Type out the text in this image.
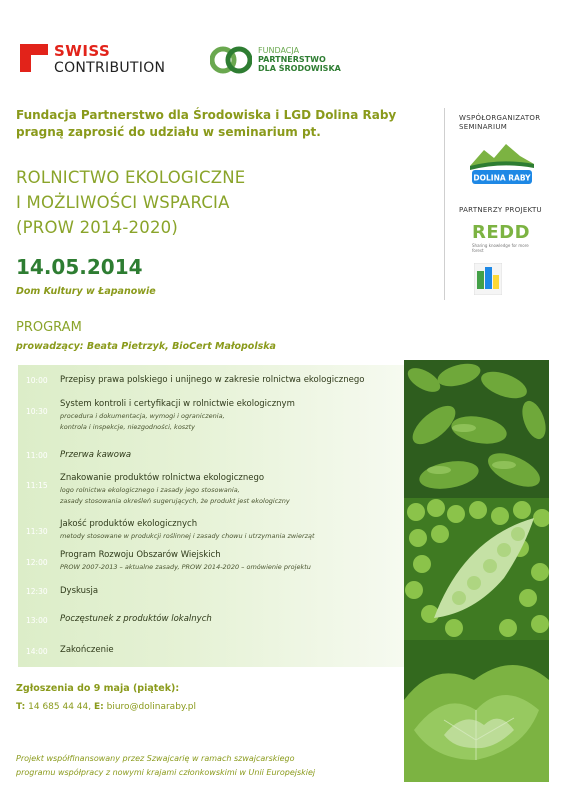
SWISS
CONTRIBUTION
FUNDACJA
PARTNERSTWO
DLA ŚRODOWISKA
WSPÓŁORGANIZATOR
SEMINARIUM
DOLINA RABY
PARTNERZY PROJEKTU
REDD
Sharing knowledge for more forest
Fundacja Partnerstwo dla Środowiska i LGD Dolina Raby
pragną zaprosić do udziału w seminarium pt.
ROLNICTWO EKOLOGICZNE
I MOŻLIWOŚCI WSPARCIA
(PROW 2014-2020)
14.05.2014
Dom Kultury w Łapanowie
PROGRAM
prowadzący: Beata Pietrzyk, BioCert Małopolska
10:00 Przepisy prawa polskiego i unijnego w zakresie rolnictwa ekologicznego
10:30
System kontroli i certyfikacji w rolnictwie ekologicznym
procedura i dokumentacja, wymogi i ograniczenia,
kontrola i inspekcje, niezgodności, koszty
11:00 Przerwa kawowa
11:15
Znakowanie produktów rolnictwa ekologicznego
logo rolnictwa ekologicznego i zasady jego stosowania,
zasady stosowania określeń sugerujących, że produkt jest ekologiczny
11:30
Jakość produktów ekologicznych
metody stosowane w produkcji roślinnej i zasady chowu i utrzymania zwierząt
12:00
Program Rozwoju Obszarów Wiejskich
PROW 2007-2013 – aktualne zasady, PROW 2014-2020 – omówienie projektu
12:30 Dyskusja
13:00 Poczęstunek z produktów lokalnych
14:00 Zakończenie
Zgłoszenia do 9 maja (piątek):
T: 14 685 44 44, E: biuro@dolinaraby.pl
Projekt współfinansowany przez Szwajcarię w ramach szwajcarskiego
programu współpracy z nowymi krajami członkowskimi w Unii Europejskiej
